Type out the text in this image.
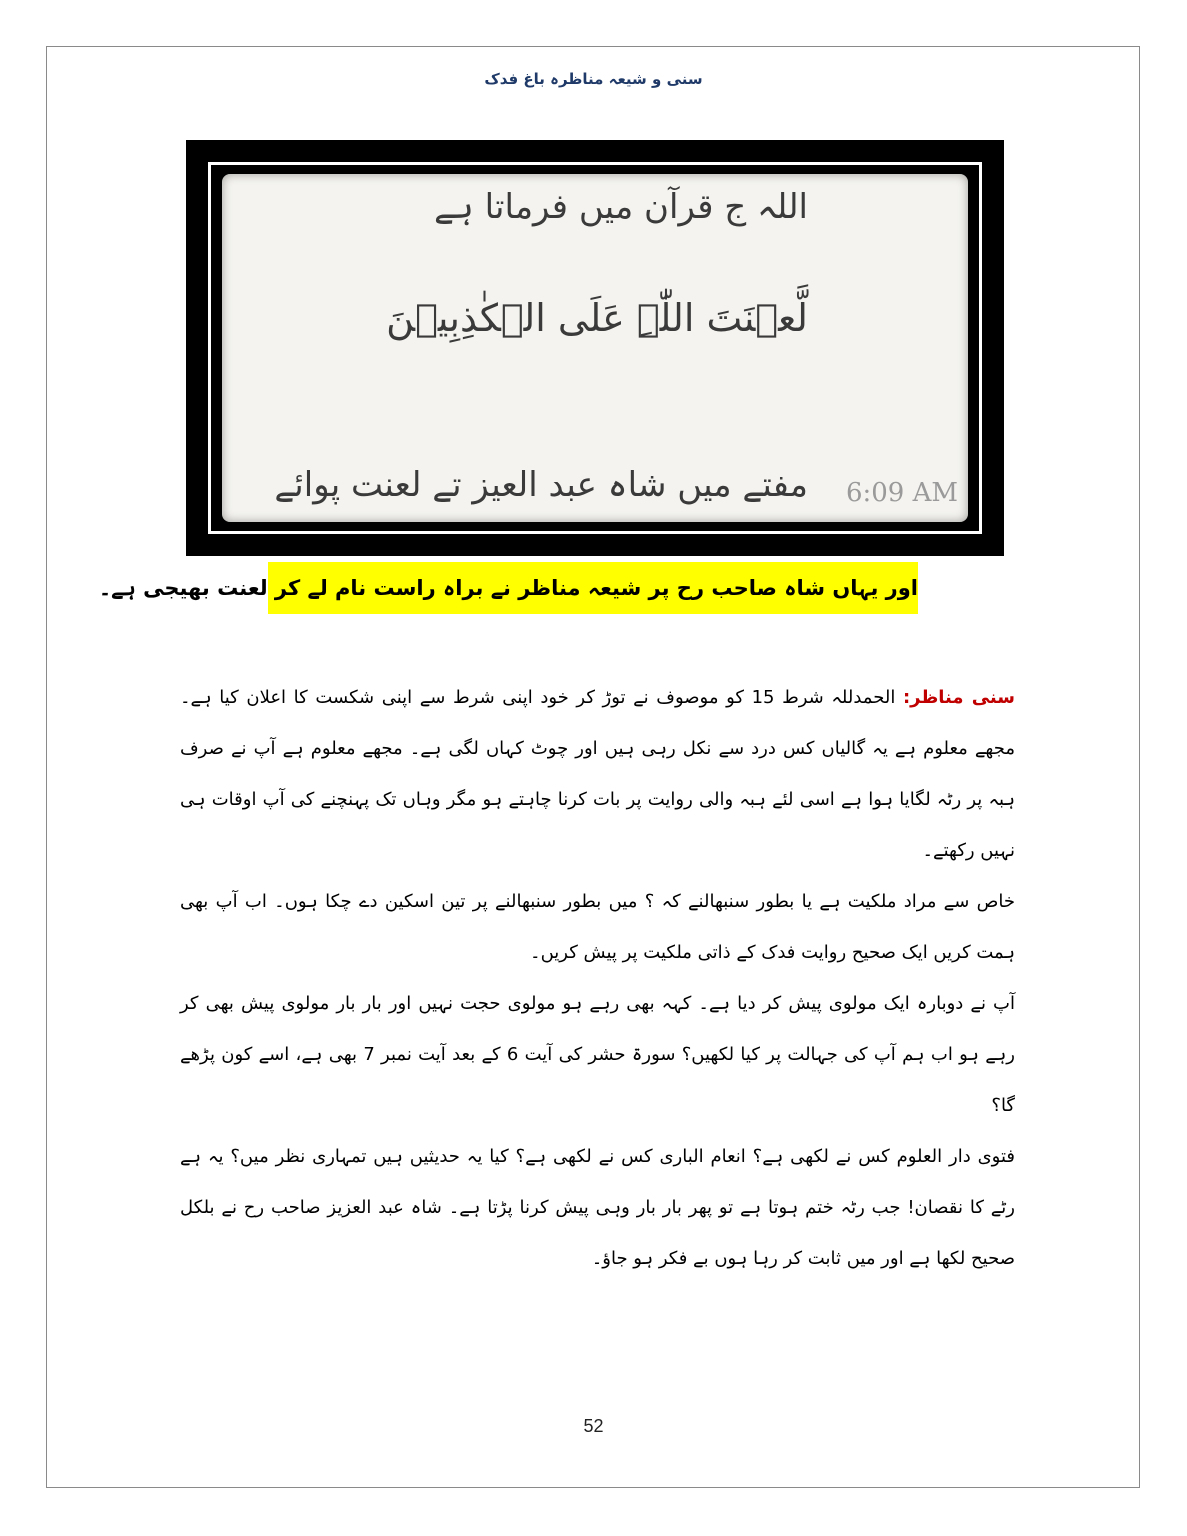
سنی و شیعہ مناظرہ باغ فدک
اللہ ج قرآن میں فرماتا ہے
لَّعۡنَتَ اللّٰہِ عَلَی الۡکٰذِبِیۡنَ
مفتے میں شاہ عبد العیز تے لعنت پوائے 6:09 AM
اور یہاں شاہ صاحب رح پر شیعہ مناظر نے براہ راست نام لے کر لعنت بھیجی ہے۔

سنی مناظر: الحمدللہ شرط 15 کو موصوف نے توڑ کر خود اپنی شرط سے اپنی شکست کا اعلان کیا ہے۔ مجھے معلوم ہے یہ گالیاں کس درد سے نکل رہی ہیں اور چوٹ کہاں لگی ہے۔ مجھے معلوم ہے آپ نے صرف ہبہ پر رٹہ لگایا ہوا ہے اسی لئے ہبہ والی روایت پر بات کرنا چاہتے ہو مگر وہاں تک پہنچنے کی آپ اوقات ہی نہیں رکھتے۔

خاص سے مراد ملکیت ہے یا بطور سنبھالنے کہ ؟ میں بطور سنبھالنے پر تین اسکین دے چکا ہوں۔ اب آپ بھی ہمت کریں ایک صحیح روایت فدک کے ذاتی ملکیت پر پیش کریں۔

آپ نے دوبارہ ایک مولوی پیش کر دیا ہے۔ کہہ بھی رہے ہو مولوی حجت نہیں اور بار بار مولوی پیش بھی کر رہے ہو اب ہم آپ کی جہالت پر کیا لکھیں؟ سورۃ حشر کی آیت 6 کے بعد آیت نمبر 7 بھی ہے، اسے کون پڑھے گا؟

فتوی دار العلوم کس نے لکھی ہے؟ انعام الباری کس نے لکھی ہے؟ کیا یہ حدیثیں ہیں تمہاری نظر میں؟ یہ ہے رٹے کا نقصان! جب رٹہ ختم ہوتا ہے تو پھر بار بار وہی پیش کرنا پڑتا ہے۔ شاہ عبد العزیز صاحب رح نے بلکل صحیح لکھا ہے اور میں ثابت کر رہا ہوں بے فکر ہو جاؤ۔

52
